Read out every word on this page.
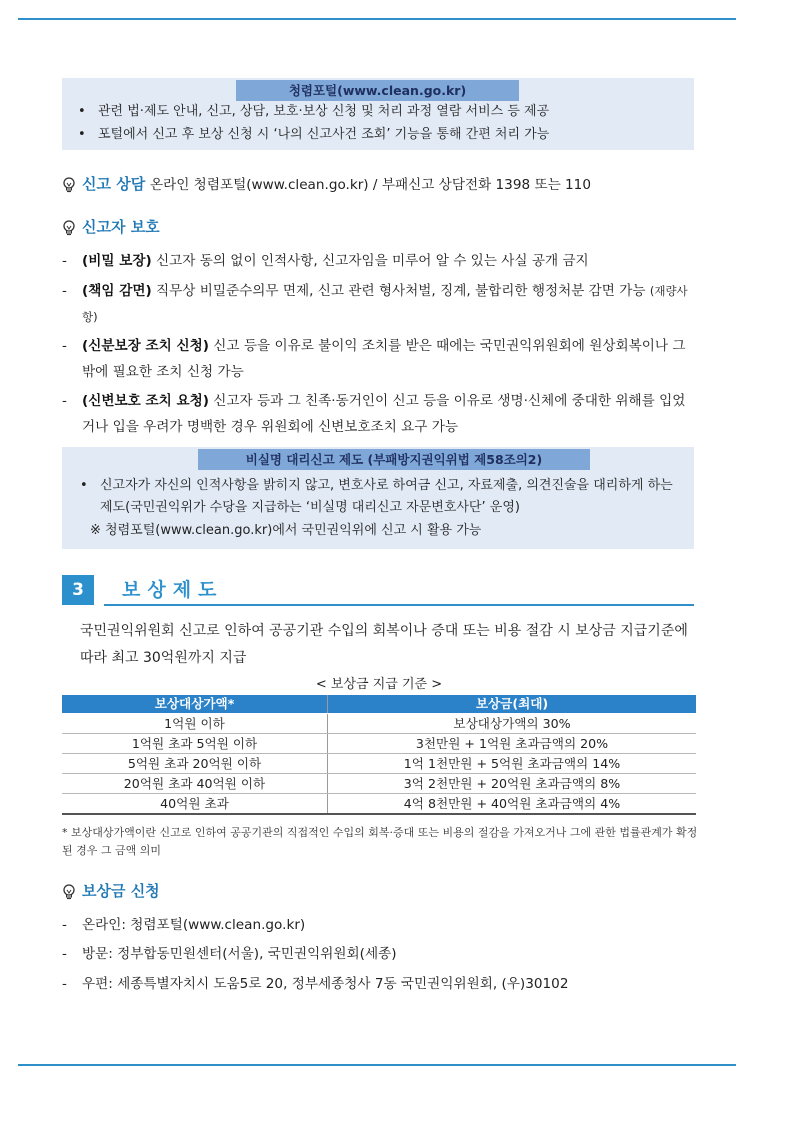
청렴포털(www.clean.go.kr)
• 관련 법·제도 안내, 신고, 상담, 보호·보상 신청 및 처리 과정 열람 서비스 등 제공
• 포털에서 신고 후 보상 신청 시 ‘나의 신고사건 조회’ 기능을 통해 간편 처리 가능
신고 상담 온라인 청렴포털(www.clean.go.kr) / 부패신고 상담전화 1398 또는 110
신고자 보호
- (비밀 보장) 신고자 동의 없이 인적사항, 신고자임을 미루어 알 수 있는 사실 공개 금지
- (책임 감면) 직무상 비밀준수의무 면제, 신고 관련 형사처벌, 징계, 불합리한 행정처분 감면 가능 (재량사항)
- (신분보장 조치 신청) 신고 등을 이유로 불이익 조치를 받은 때에는 국민권익위원회에 원상회복이나 그밖에 필요한 조치 신청 가능
- (신변보호 조치 요청) 신고자 등과 그 친족·동거인이 신고 등을 이유로 생명·신체에 중대한 위해를 입었거나 입을 우려가 명백한 경우 위원회에 신변보호조치 요구 가능
비실명 대리신고 제도 (부패방지권익위법 제58조의2)
• 신고자가 자신의 인적사항을 밝히지 않고, 변호사로 하여금 신고, 자료제출, 의견진술을 대리하게 하는 제도(국민권익위가 수당을 지급하는 ‘비실명 대리신고 자문변호사단’ 운영)
※ 청렴포털(www.clean.go.kr)에서 국민권익위에 신고 시 활용 가능
3	보상제도
국민권익위원회 신고로 인하여 공공기관 수입의 회복이나 증대 또는 비용 절감 시 보상금 지급기준에 따라 최고 30억원까지 지급
< 보상금 지급 기준 >
보상대상가액*	보상금(최대)
1억원 이하	보상대상가액의 30%
1억원 초과 5억원 이하	3천만원 + 1억원 초과금액의 20%
5억원 초과 20억원 이하	1억 1천만원 + 5억원 초과금액의 14%
20억원 초과 40억원 이하	3억 2천만원 + 20억원 초과금액의 8%
40억원 초과	4억 8천만원 + 40억원 초과금액의 4%
* 보상대상가액이란 신고로 인하여 공공기관의 직접적인 수입의 회복·증대 또는 비용의 절감을 가져오거나 그에 관한 법률관계가 확정된 경우 그 금액 의미
보상금 신청
- 온라인: 청렴포털(www.clean.go.kr)
- 방문: 정부합동민원센터(서울), 국민권익위원회(세종)
- 우편: 세종특별자치시 도움5로 20, 정부세종청사 7동 국민권익위원회, (우)30102
